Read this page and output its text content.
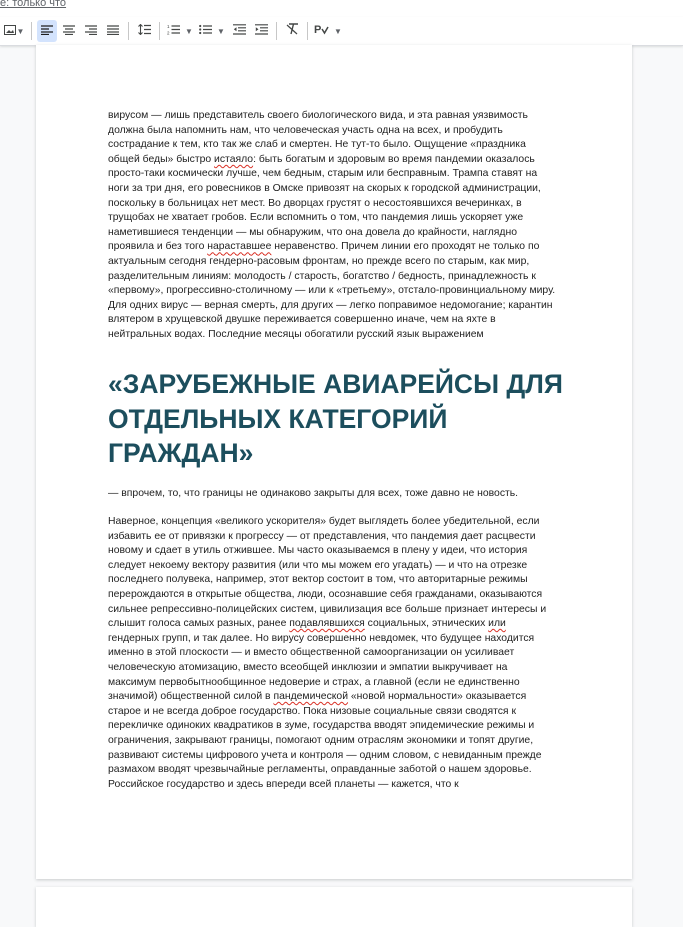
е: только что
▼	1
2 ▼	▼	P ▼

вирусом — лишь представитель своего биологического вида, и эта равная уязвимость должна была напомнить нам, что человеческая участь одна на всех, и пробудить сострадание к тем, кто так же слаб и смертен. Не тут-то было. Ощущение «праздника общей беды» быстро истаяло: быть богатым и здоровым во время пандемии оказалось просто-таки космически лучше, чем бедным, старым или бесправным. Трампа ставят на ноги за три дня, его ровесников в Омске привозят на скорых к городской администрации, поскольку в больницах нет мест. Во дворцах грустят о несостоявшихся вечеринках, в трущобах не хватает гробов. Если вспомнить о том, что пандемия лишь ускоряет уже наметившиеся тенденции — мы обнаружим, что она довела до крайности, наглядно проявила и без того нараставшее неравенство. Причем линии его проходят не только по актуальным сегодня гендерно-расовым фронтам, но прежде всего по старым, как мир, разделительным линиям: молодость / старость, богатство / бедность, принадлежность к «первому», прогрессивно-столичному — или к «третьему», отстало-провинциальному миру. Для одних вирус — верная смерть, для других — легко поправимое недомогание; карантин влятером в хрущевской двушке переживается совершенно иначе, чем на яхте в нейтральных водах. Последние месяцы обогатили русский язык выражением

«ЗАРУБЕЖНЫЕ АВИАРЕЙСЫ ДЛЯ ОТДЕЛЬНЫХ КАТЕГОРИЙ ГРАЖДАН»

— впрочем, то, что границы не одинаково закрыты для всех, тоже давно не новость.

Наверное, концепция «великого ускорителя» будет выглядеть более убедительной, если избавить ее от привязки к прогрессу — от представления, что пандемия дает расцвести новому и сдает в утиль отжившее. Мы часто оказываемся в плену у идеи, что история следует некоему вектору развития (или что мы можем его угадать) — и что на отрезке последнего полувека, например, этот вектор состоит в том, что авторитарные режимы перерождаются в открытые общества, люди, осознавшие себя гражданами, оказываются сильнее репрессивно-полицейских систем, цивилизация все больше признает интересы и слышит голоса самых разных, ранее подавлявшихся социальных, этнических или гендерных групп, и так далее. Но вирусу совершенно невдомек, что будущее находится именно в этой плоскости — и вместо общественной самоорганизации он усиливает человеческую атомизацию, вместо всеобщей инклюзии и эмпатии выкручивает на максимум первобытнообщинное недоверие и страх, а главной (если не единственно значимой) общественной силой в пандемической «новой нормальности» оказывается старое и не всегда доброе государство. Пока низовые социальные связи сводятся к перекличке одиноких квадратиков в зуме, государства вводят эпидемические режимы и ограничения, закрывают границы, помогают одним отраслям экономики и топят другие, развивают системы цифрового учета и контроля — одним словом, с невиданным прежде размахом вводят чрезвычайные регламенты, оправданные заботой о нашем здоровье. Российское государство и здесь впереди всей планеты — кажется, что к
